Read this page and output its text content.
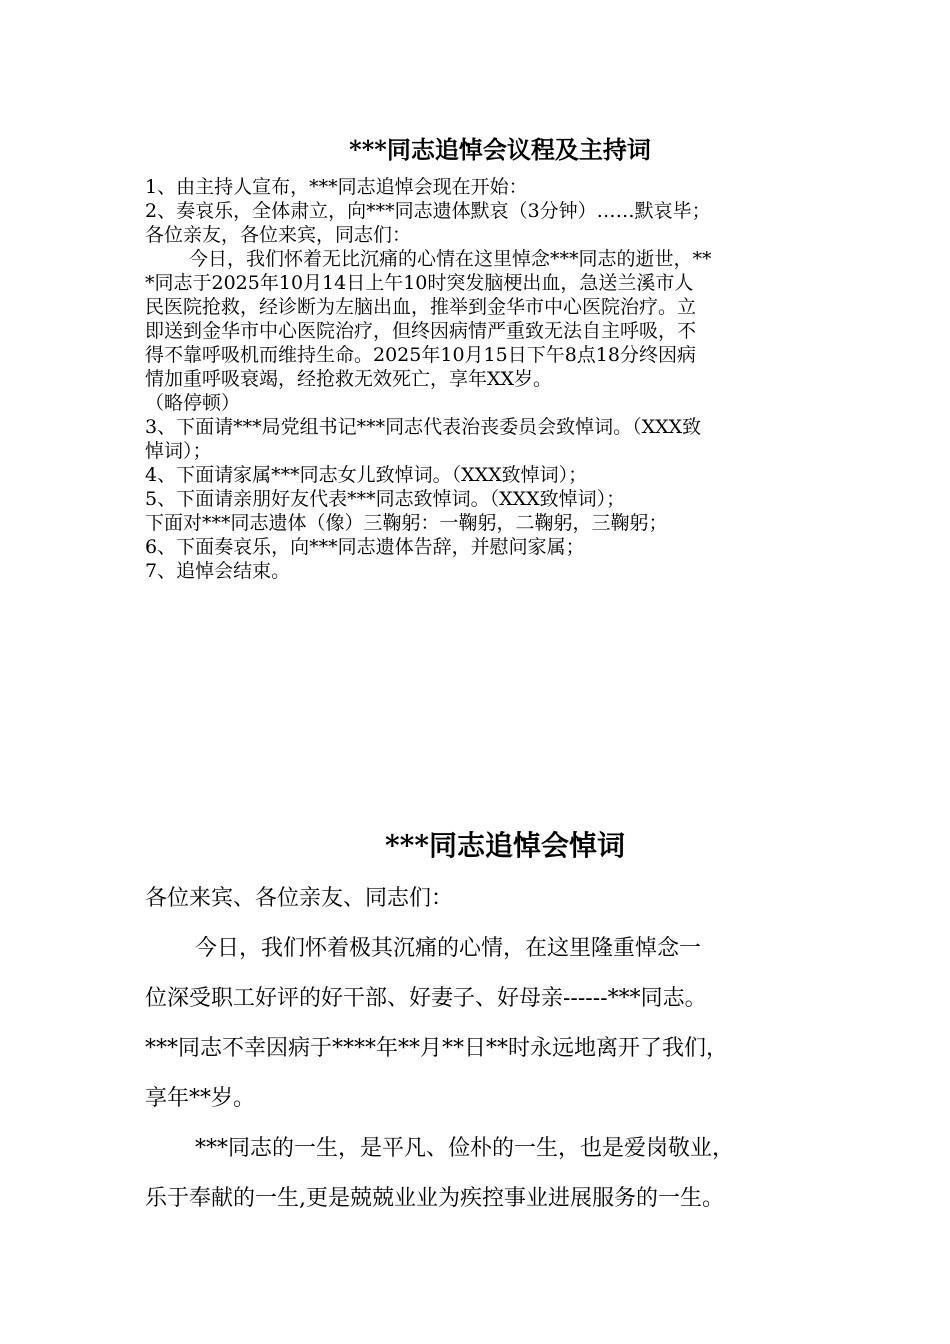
***同志追悼会议程及主持词

1、由主持人宣布，***同志追悼会现在开始：

2、奏哀乐，全体肃立，向***同志遗体默哀（3分钟）……默哀毕；

各位亲友，各位来宾，同志们：

今日，我们怀着无比沉痛的心情在这里悼念***同志的逝世，**

*同志于2025年10月14日上午10时突发脑梗出血，急送兰溪市人

民医院抢救，经诊断为左脑出血，推举到金华市中心医院治疗。立

即送到金华市中心医院治疗，但终因病情严重致无法自主呼吸，不

得不靠呼吸机而维持生命。2025年10月15日下午8点18分终因病

情加重呼吸衰竭，经抢救无效死亡，享年XX岁。

（略停顿）

3、下面请***局党组书记***同志代表治丧委员会致悼词。（XXX致

悼词）；

4、下面请家属***同志女儿致悼词。（XXX致悼词）；

5、下面请亲朋好友代表***同志致悼词。（XXX致悼词）；

下面对***同志遗体（像）三鞠躬：一鞠躬，二鞠躬，三鞠躬；

6、下面奏哀乐，向***同志遗体告辞，并慰问家属；

7、追悼会结束。

***同志追悼会悼词

各位来宾、各位亲友、同志们：

今日，我们怀着极其沉痛的心情，在这里隆重悼念一

位深受职工好评的好干部、好妻子、好母亲------***同志。

***同志不幸因病于****年**月**日**时永远地离开了我们，

享年**岁。

***同志的一生，是平凡、俭朴的一生，也是爱岗敬业，

乐于奉献的一生,更是兢兢业业为疾控事业进展服务的一生。
